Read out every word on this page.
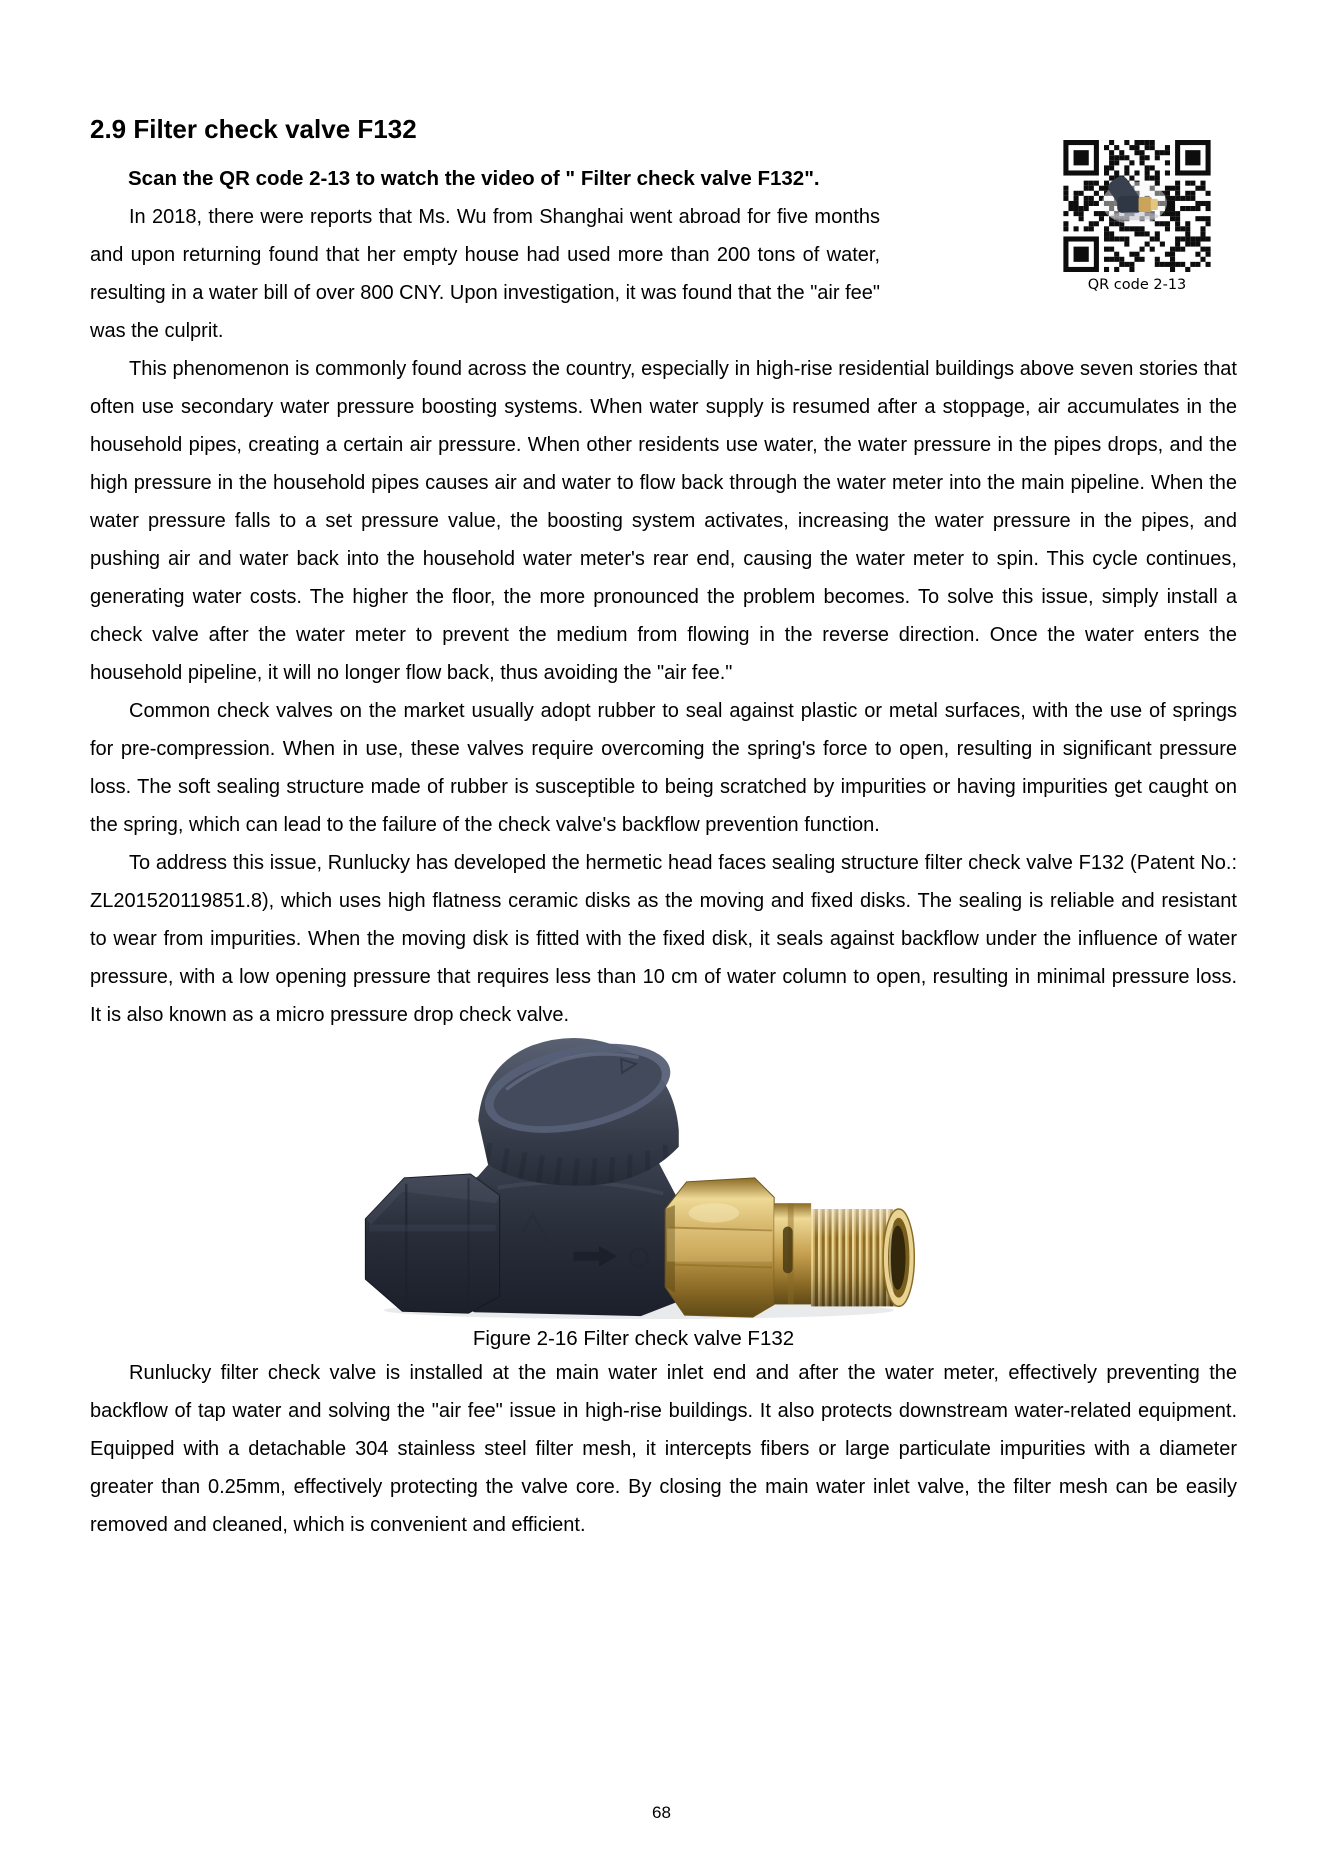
QR code 2-13
2.9 Filter check valve F132

Scan the QR code 2-13 to watch the video of " Filter check valve F132".

In 2018, there were reports that Ms. Wu from Shanghai went abroad for five months and upon returning found that her empty house had used more than 200 tons of water, resulting in a water bill of over 800 CNY. Upon investigation, it was found that the "air fee" was the culprit.

This phenomenon is commonly found across the country, especially in high-rise residential buildings above seven stories that often use secondary water pressure boosting systems. When water supply is resumed after a stoppage, air accumulates in the household pipes, creating a certain air pressure. When other residents use water, the water pressure in the pipes drops, and the high pressure in the household pipes causes air and water to flow back through the water meter into the main pipeline. When the water pressure falls to a set pressure value, the boosting system activates, increasing the water pressure in the pipes, and pushing air and water back into the household water meter's rear end, causing the water meter to spin. This cycle continues, generating water costs. The higher the floor, the more pronounced the problem becomes. To solve this issue, simply install a check valve after the water meter to prevent the medium from flowing in the reverse direction. Once the water enters the household pipeline, it will no longer flow back, thus avoiding the "air fee."

Common check valves on the market usually adopt rubber to seal against plastic or metal surfaces, with the use of springs for pre-compression. When in use, these valves require overcoming the spring's force to open, resulting in significant pressure loss. The soft sealing structure made of rubber is susceptible to being scratched by impurities or having impurities get caught on the spring, which can lead to the failure of the check valve's backflow prevention function.

To address this issue, Runlucky has developed the hermetic head faces sealing structure filter check valve F132 (Patent No.: ZL201520119851.8), which uses high flatness ceramic disks as the moving and fixed disks. The sealing is reliable and resistant to wear from impurities. When the moving disk is fitted with the fixed disk, it seals against backflow under the influence of water pressure, with a low opening pressure that requires less than 10 cm of water column to open, resulting in minimal pressure loss. It is also known as a micro pressure drop check valve.

Figure 2-16 Filter check valve F132

Runlucky filter check valve is installed at the main water inlet end and after the water meter, effectively preventing the backflow of tap water and solving the "air fee" issue in high-rise buildings. It also protects downstream water-related equipment. Equipped with a detachable 304 stainless steel filter mesh, it intercepts fibers or large particulate impurities with a diameter greater than 0.25mm, effectively protecting the valve core. By closing the main water inlet valve, the filter mesh can be easily removed and cleaned, which is convenient and efficient.

68
